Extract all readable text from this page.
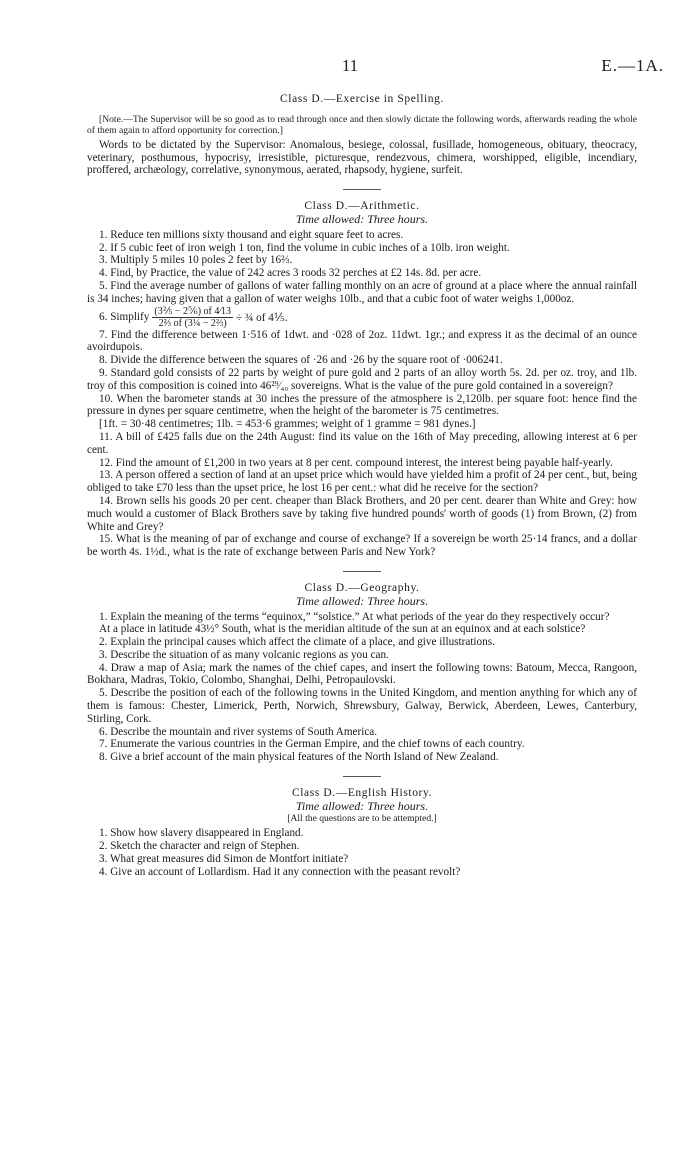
11	E.—1A.

Class D.—Exercise in Spelling.

[Note.—The Supervisor will be so good as to read through once and then slowly dictate the following words, afterwards reading the whole of them again to afford opportunity for correction.]

Words to be dictated by the Supervisor: Anomalous, besiege, colossal, fusillade, homogeneous, obituary, theocracy, veterinary, posthumous, hypocrisy, irresistible, picturesque, rendezvous, chimera, worshipped, eligible, incendiary, proffered, archæology, correlative, synonymous, aerated, rhapsody, hygiene, surfeit.

Class D.—Arithmetic.

Time allowed: Three hours.

1. Reduce ten millions sixty thousand and eight square feet to acres.

2. If 5 cubic feet of iron weigh 1 ton, find the volume in cubic inches of a 10lb. iron weight.

3. Multiply 5 miles 10 poles 2 feet by 16⅔.

4. Find, by Practice, the value of 242 acres 3 roods 32 perches at £2 14s. 8d. per acre.

5. Find the average number of gallons of water falling monthly on an acre of ground at a place where the annual rainfall is 34 inches; having given that a gallon of water weighs 10lb., and that a cubic foot of water weighs 1,000oz.

6. Simplify $\frac{\text{(3⅖ − 2⅚) of 4⁄13}}{\text{2⅔ of (3¼ − 2⅔)}}$ ÷ ¾ of 4⅕.

7. Find the difference between 1·516 of 1dwt. and ·028 of 2oz. 11dwt. 1gr.; and express it as the decimal of an ounce avoirdupois.

8. Divide the difference between the squares of ·26 and ·26 by the square root of ·006241.

9. Standard gold consists of 22 parts by weight of pure gold and 2 parts of an alloy worth 5s. 2d. per oz. troy, and 1lb. troy of this composition is coined into 46²⁹⁄₄₀ sovereigns. What is the value of the pure gold contained in a sovereign?

10. When the barometer stands at 30 inches the pressure of the atmosphere is 2,120lb. per square foot: hence find the pressure in dynes per square centimetre, when the height of the barometer is 75 centimetres.

[1ft. = 30·48 centimetres; 1lb. = 453·6 grammes; weight of 1 gramme = 981 dynes.]

11. A bill of £425 falls due on the 24th August: find its value on the 16th of May preceding, allowing interest at 6 per cent.

12. Find the amount of £1,200 in two years at 8 per cent. compound interest, the interest being payable half-yearly.

13. A person offered a section of land at an upset price which would have yielded him a profit of 24 per cent., but, being obliged to take £70 less than the upset price, he lost 16 per cent.: what did he receive for the section?

14. Brown sells his goods 20 per cent. cheaper than Black Brothers, and 20 per cent. dearer than White and Grey: how much would a customer of Black Brothers save by taking five hundred pounds' worth of goods (1) from Brown, (2) from White and Grey?

15. What is the meaning of par of exchange and course of exchange? If a sovereign be worth 25·14 francs, and a dollar be worth 4s. 1½d., what is the rate of exchange between Paris and New York?

Class D.—Geography.

Time allowed: Three hours.

1. Explain the meaning of the terms “equinox,” “solstice.” At what periods of the year do they respectively occur?

At a place in latitude 43½° South, what is the meridian altitude of the sun at an equinox and at each solstice?

2. Explain the principal causes which affect the climate of a place, and give illustrations.

3. Describe the situation of as many volcanic regions as you can.

4. Draw a map of Asia; mark the names of the chief capes, and insert the following towns: Batoum, Mecca, Rangoon, Bokhara, Madras, Tokio, Colombo, Shanghai, Delhi, Petropaulovski.

5. Describe the position of each of the following towns in the United Kingdom, and mention anything for which any of them is famous: Chester, Limerick, Perth, Norwich, Shrewsbury, Galway, Berwick, Aberdeen, Lewes, Canterbury, Stirling, Cork.

6. Describe the mountain and river systems of South America.

7. Enumerate the various countries in the German Empire, and the chief towns of each country.

8. Give a brief account of the main physical features of the North Island of New Zealand.

Class D.—English History.

Time allowed: Three hours.

[All the questions are to be attempted.]

1. Show how slavery disappeared in England.

2. Sketch the character and reign of Stephen.

3. What great measures did Simon de Montfort initiate?

4. Give an account of Lollardism. Had it any connection with the peasant revolt?
